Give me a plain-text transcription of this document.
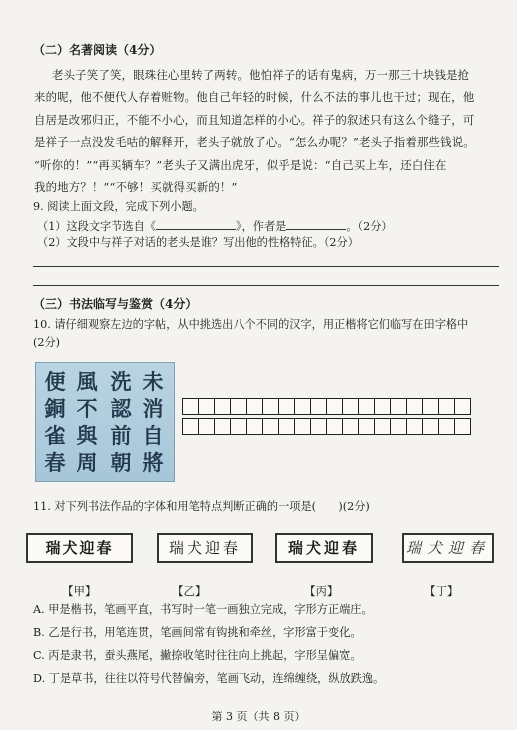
（二）名著阅读（4分）
老头子笑了笑，眼珠往心里转了两转。他怕祥子的话有鬼病，万一那三十块钱是抢
来的呢，他不便代人存着赃物。他自己年轻的时候，什么不法的事儿也干过；现在，他
自居是改邪归正，不能不小心，而且知道怎样的小心。祥子的叙述只有这么个缝子，可
是祥子一点没发毛咕的解释开，老头子就放了心。“怎么办呢？”老头子指着那些钱说。
“听你的！”“再买辆车？”老头子又满出虎牙，似乎是说：“自己买上车，还白住在
我的地方？！”“不够！买就得买新的！”
9. 阅读上面文段，完成下列小题。
（1）这段文字节选自《	》，作者是	。（2分）
（2）文段中与祥子对话的老头是谁？写出他的性格特征。（2分）
（三）书法临写与鉴赏（4分）
10. 请仔细观察左边的字帖，从中挑选出八个不同的汉字，用正楷将它们临写在田字格中
(2分)
便 風 洗 未
銅 不 認 消
雀 與 前 自
春 周 朝 將
11. 对下列书法作品的字体和用笔特点判断正确的一项是(　　)(2分)
瑞犬迎春	瑞犬迎春	瑞犬迎春	瑞犬迎春
【甲】	【乙】	【丙】	【丁】
A. 甲是楷书，笔画平直，书写时一笔一画独立完成，字形方正端庄。
B. 乙是行书，用笔连贯，笔画间常有钩挑和牵丝，字形富于变化。
C. 丙是隶书，蚕头燕尾，撇捺收笔时往往向上挑起，字形呈偏宽。
D. 丁是草书，往往以符号代替偏旁，笔画飞动，连绵缠绕，纵放跌逸。
第 3 页（共 8 页）
